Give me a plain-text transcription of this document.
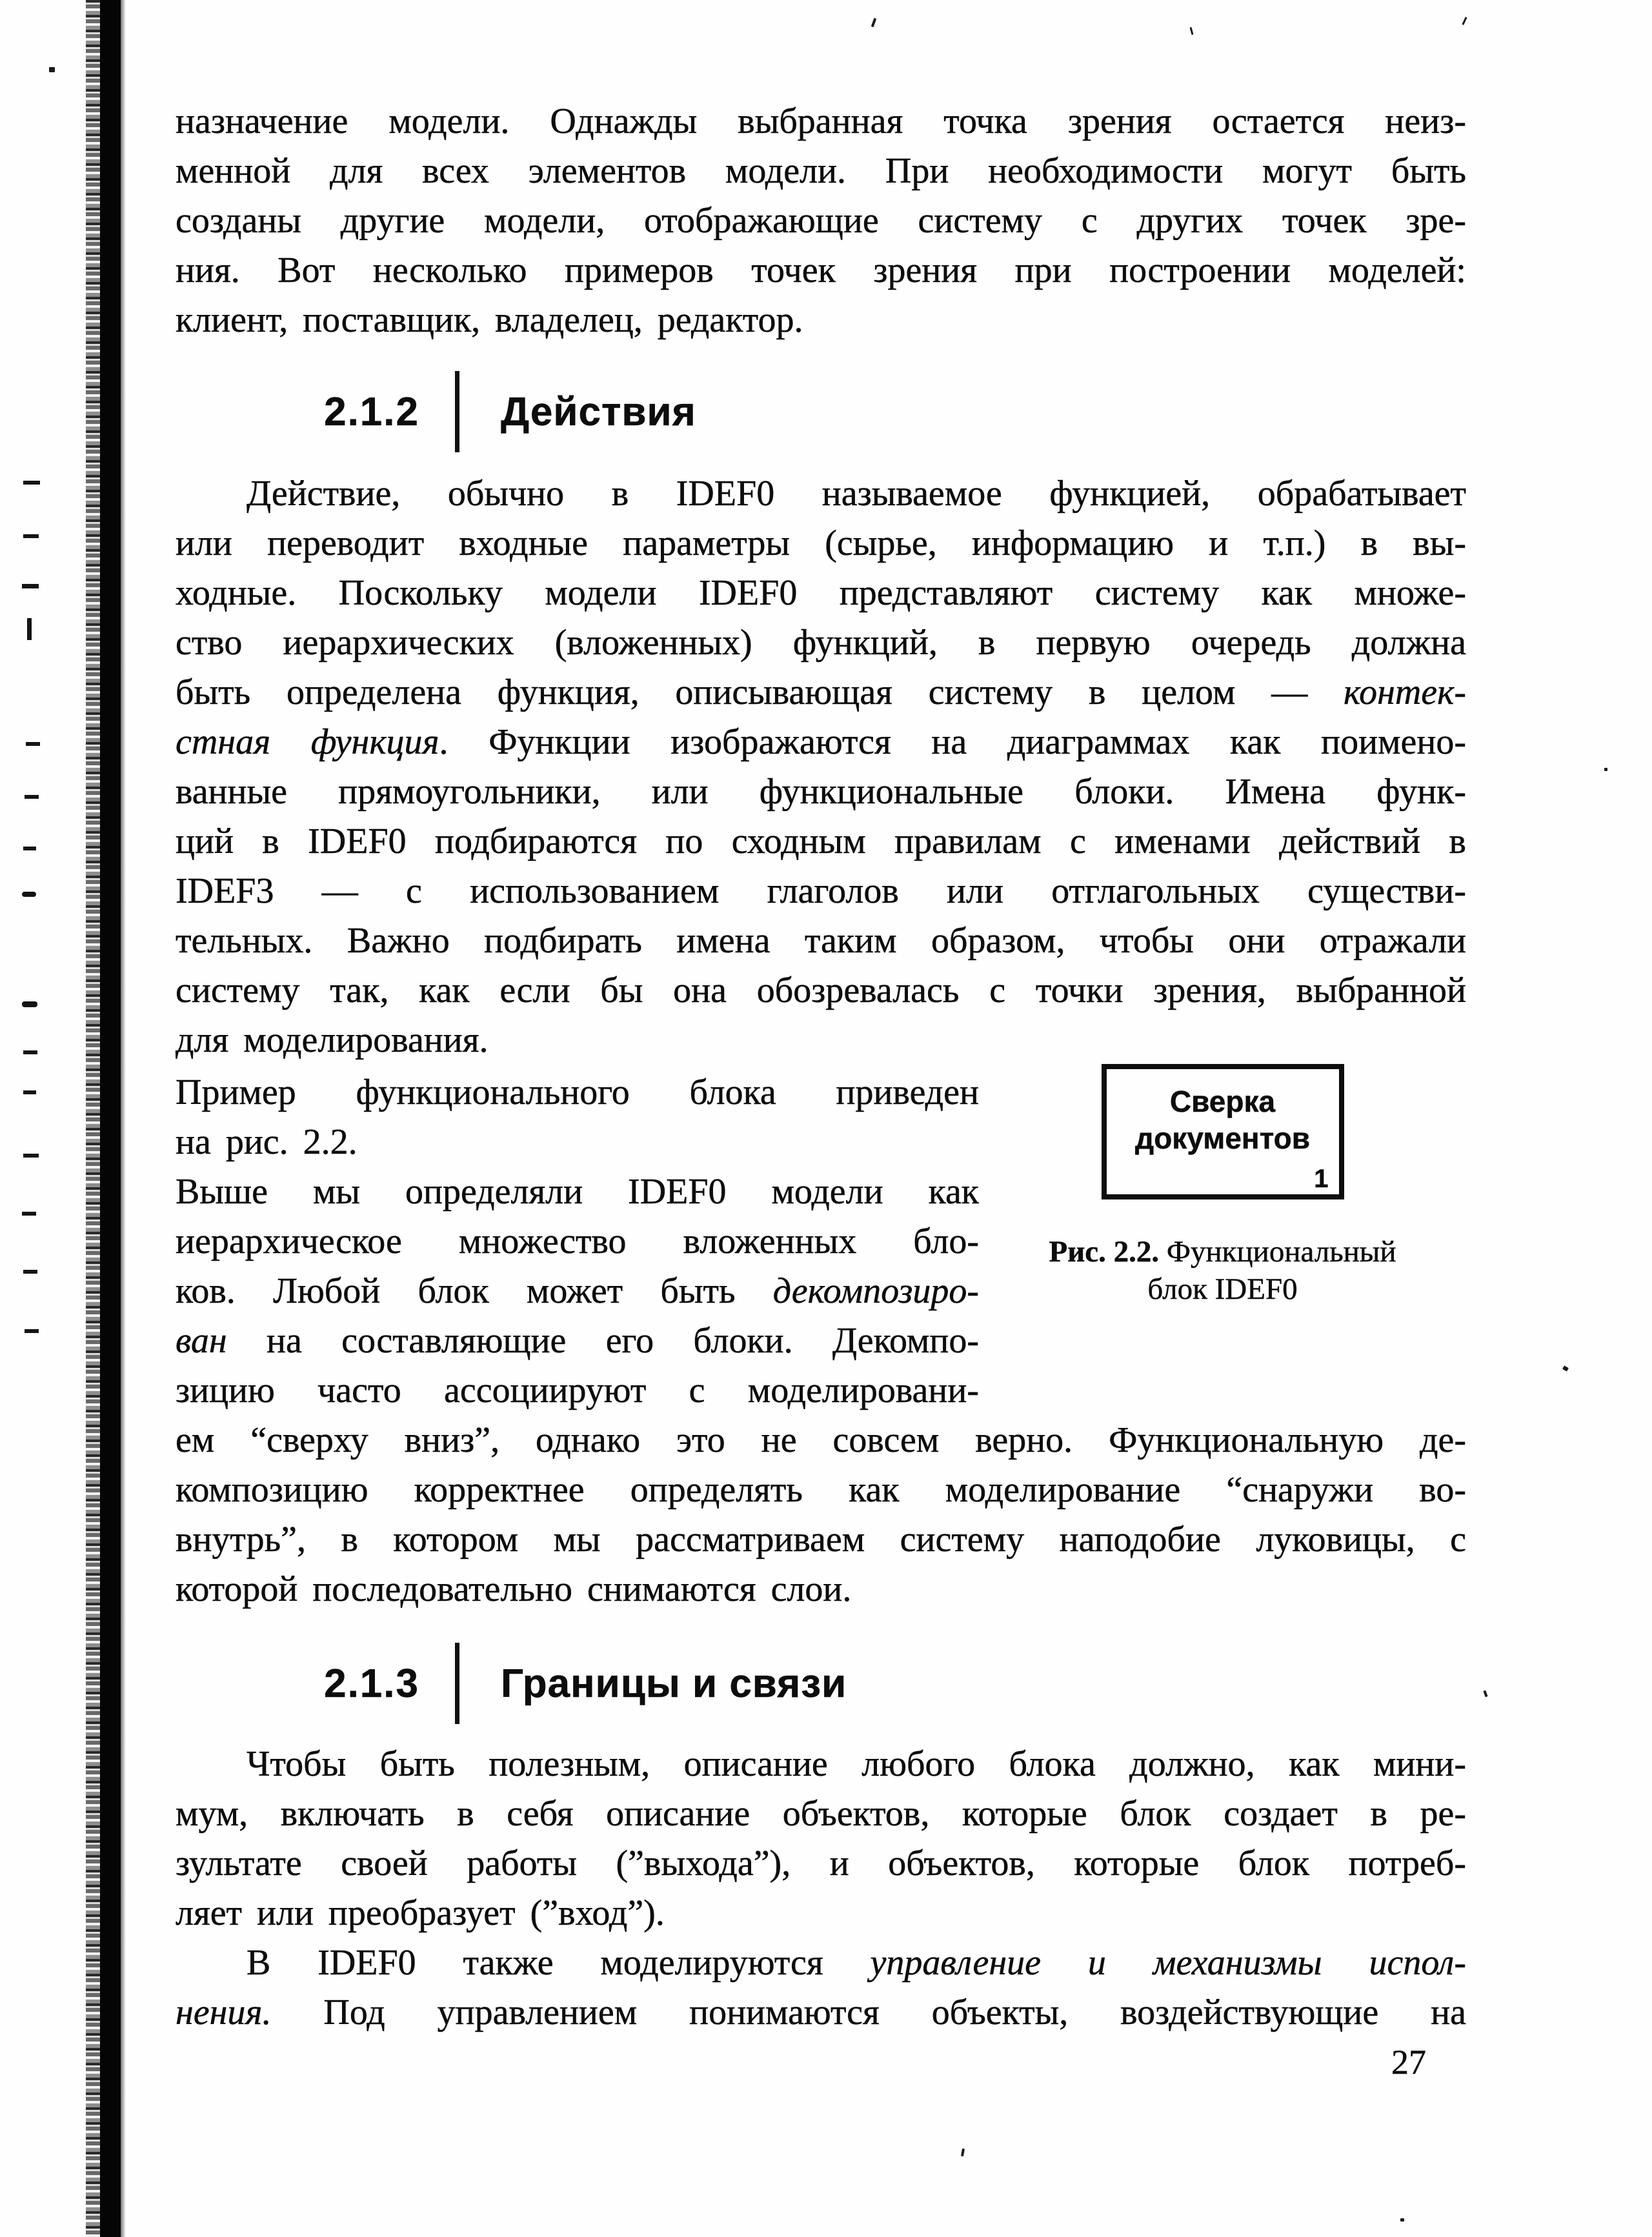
назначение модели. Однажды выбранная точка зрения остается неиз-
менной для всех элементов модели. При необходимости могут быть
созданы другие модели, отображающие систему с других точек зре-
ния. Вот несколько примеров точек зрения при построении моделей:
клиент, поставщик, владелец, редактор.
2.1.2 Действия
Действие, обычно в IDEF0 называемое функцией, обрабатывает
или переводит входные параметры (сырье, информацию и т.п.) в вы-
ходные. Поскольку модели IDEF0 представляют систему как множе-
ство иерархических (вложенных) функций, в первую очередь должна
быть определена функция, описывающая систему в целом — контек-
стная функция. Функции изображаются на диаграммах как поимено-
ванные прямоугольники, или функциональные блоки. Имена функ-
ций в IDEF0 подбираются по сходным правилам с именами действий в
IDEF3 — с использованием глаголов или отглагольных существи-
тельных. Важно подбирать имена таким образом, чтобы они отражали
систему так, как если бы она обозревалась с точки зрения, выбранной
для моделирования.
Пример функционального блока приведен
на рис. 2.2.
Выше мы определяли IDEF0 модели как
иерархическое множество вложенных бло-
ков. Любой блок может быть декомпозиро-
ван на составляющие его блоки. Декомпо-
зицию часто ассоциируют с моделировани-
Сверка
документов
1
Рис. 2.2. Функциональный
блок IDEF0
ем “сверху вниз”, однако это не совсем верно. Функциональную де-
композицию корректнее определять как моделирование “снаружи во-
внутрь”, в котором мы рассматриваем систему наподобие луковицы, с
которой последовательно снимаются слои.
2.1.3 Границы и связи
Чтобы быть полезным, описание любого блока должно, как мини-
мум, включать в себя описание объектов, которые блок создает в ре-
зультате своей работы (”выхода”), и объектов, которые блок потреб-
ляет или преобразует (”вход”).
В IDEF0 также моделируются управление и механизмы испол-
нения. Под управлением понимаются объекты, воздействующие на
27
